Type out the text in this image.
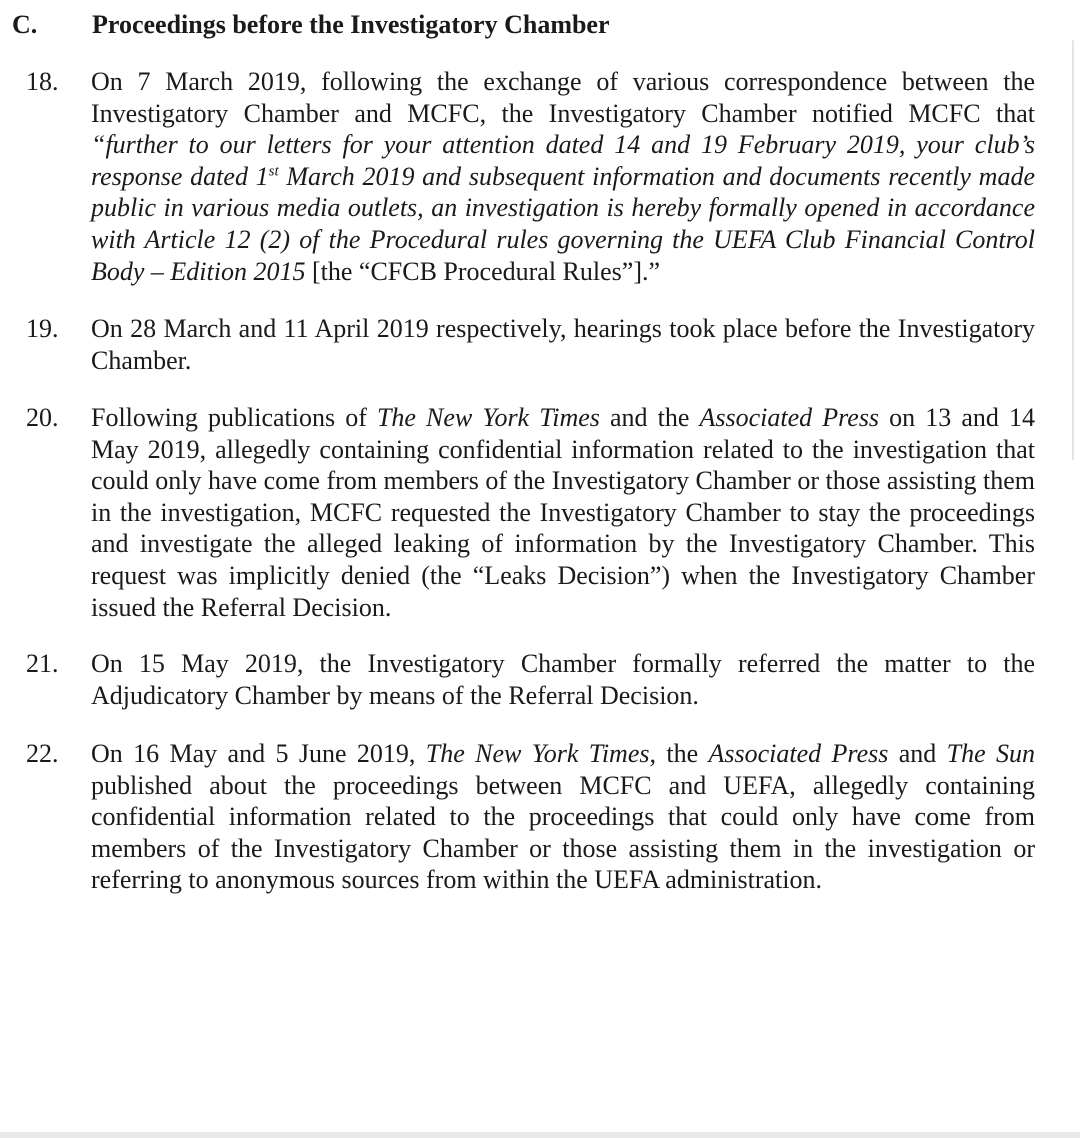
C. Proceedings before the Investigatory Chamber
18. On 7 March 2019, following the exchange of various correspondence between the Investigatory Chamber and MCFC, the Investigatory Chamber notified MCFC that “further to our letters for your attention dated 14 and 19 February 2019, your club’s response dated 1st March 2019 and subsequent information and documents recently made public in various media outlets, an investigation is hereby formally opened in accordance with Article 12 (2) of the Procedural rules governing the UEFA Club Financial Control Body – Edition 2015 [the “CFCB Procedural Rules”].”
19. On 28 March and 11 April 2019 respectively, hearings took place before the Investigatory Chamber.
20. Following publications of The New York Times and the Associated Press on 13 and 14 May 2019, allegedly containing confidential information related to the investigation that could only have come from members of the Investigatory Chamber or those assisting them in the investigation, MCFC requested the Investigatory Chamber to stay the proceedings and investigate the alleged leaking of information by the Investigatory Chamber. This request was implicitly denied (the “Leaks Decision”) when the Investigatory Chamber issued the Referral Decision.
21. On 15 May 2019, the Investigatory Chamber formally referred the matter to the Adjudicatory Chamber by means of the Referral Decision.
22. On 16 May and 5 June 2019, The New York Times, the Associated Press and The Sun published about the proceedings between MCFC and UEFA, allegedly containing confidential information related to the proceedings that could only have come from members of the Investigatory Chamber or those assisting them in the investigation or referring to anonymous sources from within the UEFA administration.
